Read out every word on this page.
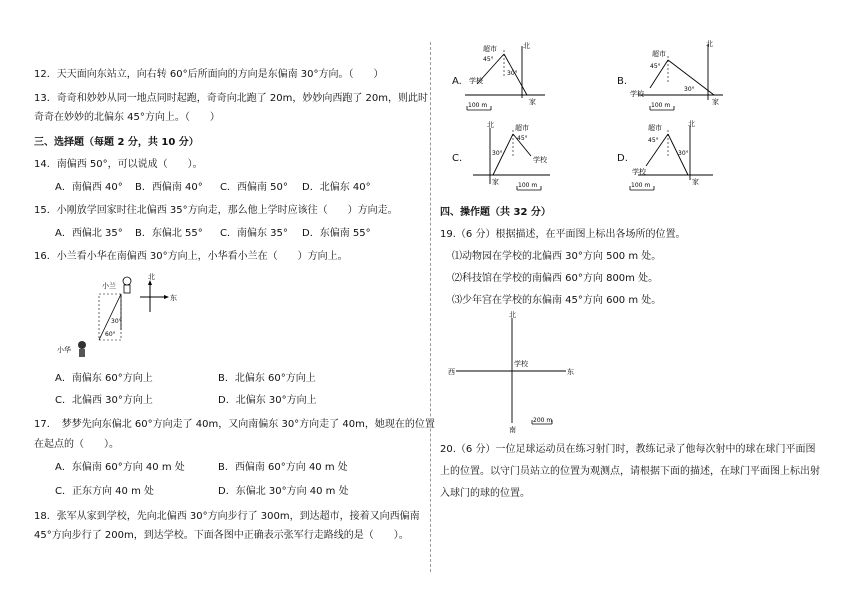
12．天天面向东站立，向右转 60°后所面向的方向是东偏南 30°方向。（　　）
13．奇奇和妙妙从同一地点同时起跑，奇奇向北跑了 20m，妙妙向西跑了 20m，则此时
奇奇在妙妙的北偏东 45°方向上。（　　）
三、选择题（每题 2 分，共 10 分）
14．南偏西 50°，可以说成（　　）。
A．南偏西 40° B．西偏南 40° C．西偏南 50° D．北偏东 40°
15．小刚放学回家时往北偏西 35°方向走，那么他上学时应该往（　　）方向走。
A．西偏北 35° B．东偏北 55° C．南偏东 35° D．东偏南 55°
16．小兰看小华在南偏西 30°方向上，小华看小兰在（　　）方向上。
北
东
小兰
30°
60°
小华
A．南偏东 60°方向上	B．北偏东 60°方向上
C．北偏西 30°方向上	D．北偏东 30°方向上
17．　梦梦先向东偏北 60°方向走了 40m，又向南偏东 30°方向走了 40m，她现在的位置
在起点的（　　）。
A．东偏南 60°方向 40 m 处	B．西偏南 60°方向 40 m 处
C．正东方向 40 m 处	D．东偏北 30°方向 40 m 处
18．张军从家到学校，先向北偏西 30°方向步行了 300m，到达超市，接着又向西偏南
45°方向步行了 200m，到达学校。下面各图中正确表示张军行走路线的是（　　）。
A.
北
超市
45°
30°
学校
家
100 m
B.
北
超市
45°
30°
学校
家
100 m
C.
北	超市
45°
30°
学校
家	100 m
D.
北
超市
45°
30°
学校
家
100 m
四、操作题（共 32 分）
19.（6 分）根据描述，在平面图上标出各场所的位置。
⑴动物园在学校的北偏西 30°方向 500 m 处。
⑵科技馆在学校的南偏西 60°方向 800m 处。
⑶少年宫在学校的东偏南 45°方向 600 m 处。
北
南
西	东
学校
200 m
20.（6 分）一位足球运动员在练习射门时，教练记录了他每次射中的球在球门平面图
上的位置。以守门员站立的位置为观测点，请根据下面的描述，在球门平面图上标出射
入球门的球的位置。
